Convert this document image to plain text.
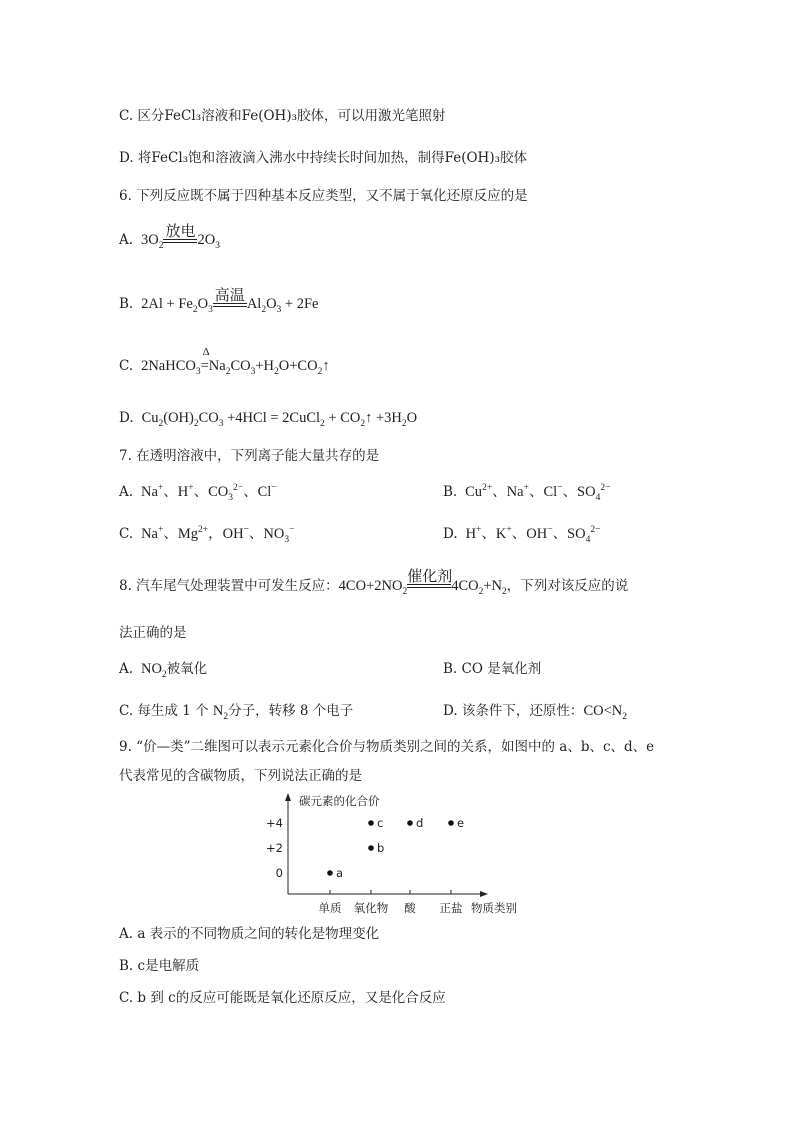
C. 区分FeCl₃溶液和Fe(OH)₃胶体，可以用激光笔照射
D. 将FeCl₃饱和溶液滴入沸水中持续长时间加热，制得Fe(OH)₃胶体
6. 下列反应既不属于四种基本反应类型，又不属于氧化还原反应的是
A.  $3O_2$
放电
$2O_3$
B.  $2Al + Fe_2O_3$
高温
$Al_2O_3 + 2Fe$
C.  2NaHCO$_3$
Δ
$=Na_2CO_3+H_2O+CO_2↑$
D.  $Cu_2(OH)_2CO_3 +4HCl$ = 2CuCl$_2$ + $CO_2↑ +3H_2O$
7. 在透明溶液中，下列离子能大量共存的是
A.  Na+、H+、$CO_3^{2-}$、Cl−	B.  $Cu^{2+}$、Na+、Cl−、$SO_4^{2-}$
C.  Na+、$Mg^{2+}$，OH−、$NO_3^-$	D.  H+、K+、OH−、$SO_4^{2-}$
8. 汽车尾气处理装置中可发生反应：$4CO+2NO_2$
催化剂
$4CO_2+N_2$，下列对该反应的说
法正确的是
A.  $NO_2$被氧化	B. CO 是氧化剂
C. 每生成 1 个 $N_2$分子，转移 8 个电子	D. 该条件下，还原性：$CO<N_2$
9. “价—类”二维图可以表示元素化合价与物质类别之间的关系，如图中的 a、b、c、d、e
代表常见的含碳物质，下列说法正确的是
碳元素的化合价
物质类别
+4
+2
0
单质 氧化物 酸 正盐
a
b
c	d	e
A. a 表示的不同物质之间的转化是物理变化
B. c是电解质
C. b 到 c的反应可能既是氧化还原反应，又是化合反应
